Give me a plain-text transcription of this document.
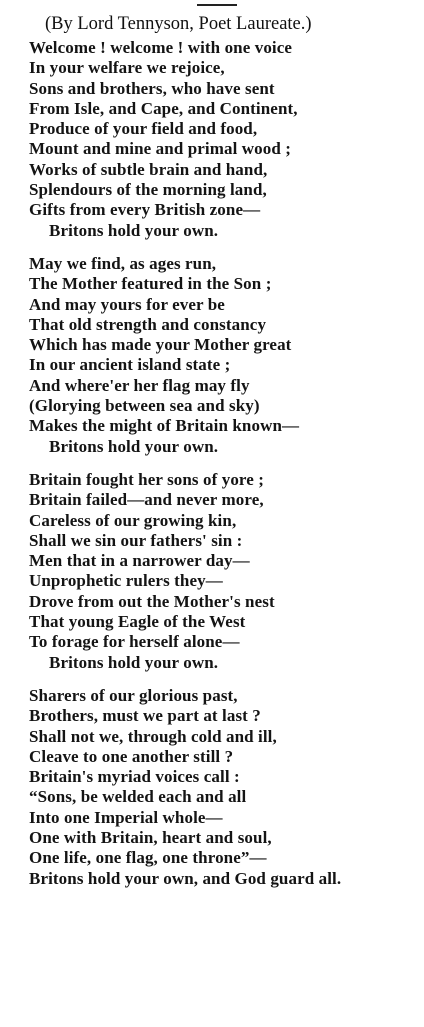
(By Lord Tennyson, Poet Laureate.)
Welcome ! welcome ! with one voice
In your welfare we rejoice,
Sons and brothers, who have sent
From Isle, and Cape, and Continent,
Produce of your field and food,
Mount and mine and primal wood ;
Works of subtle brain and hand,
Splendours of the morning land,
Gifts from every British zone—
Britons hold your own.
May we find, as ages run,
The Mother featured in the Son ;
And may yours for ever be
That old strength and constancy
Which has made your Mother great
In our ancient island state ;
And where'er her flag may fly
(Glorying between sea and sky)
Makes the might of Britain known—
Britons hold your own.
Britain fought her sons of yore ;
Britain failed—and never more,
Careless of our growing kin,
Shall we sin our fathers' sin :
Men that in a narrower day—
Unprophetic rulers they—
Drove from out the Mother's nest
That young Eagle of the West
To forage for herself alone—
Britons hold your own.
Sharers of our glorious past,
Brothers, must we part at last ?
Shall not we, through cold and ill,
Cleave to one another still ?
Britain's myriad voices call :
“Sons, be welded each and all
Into one Imperial whole—
One with Britain, heart and soul,
One life, one flag, one throne”—
Britons hold your own, and God guard all.
